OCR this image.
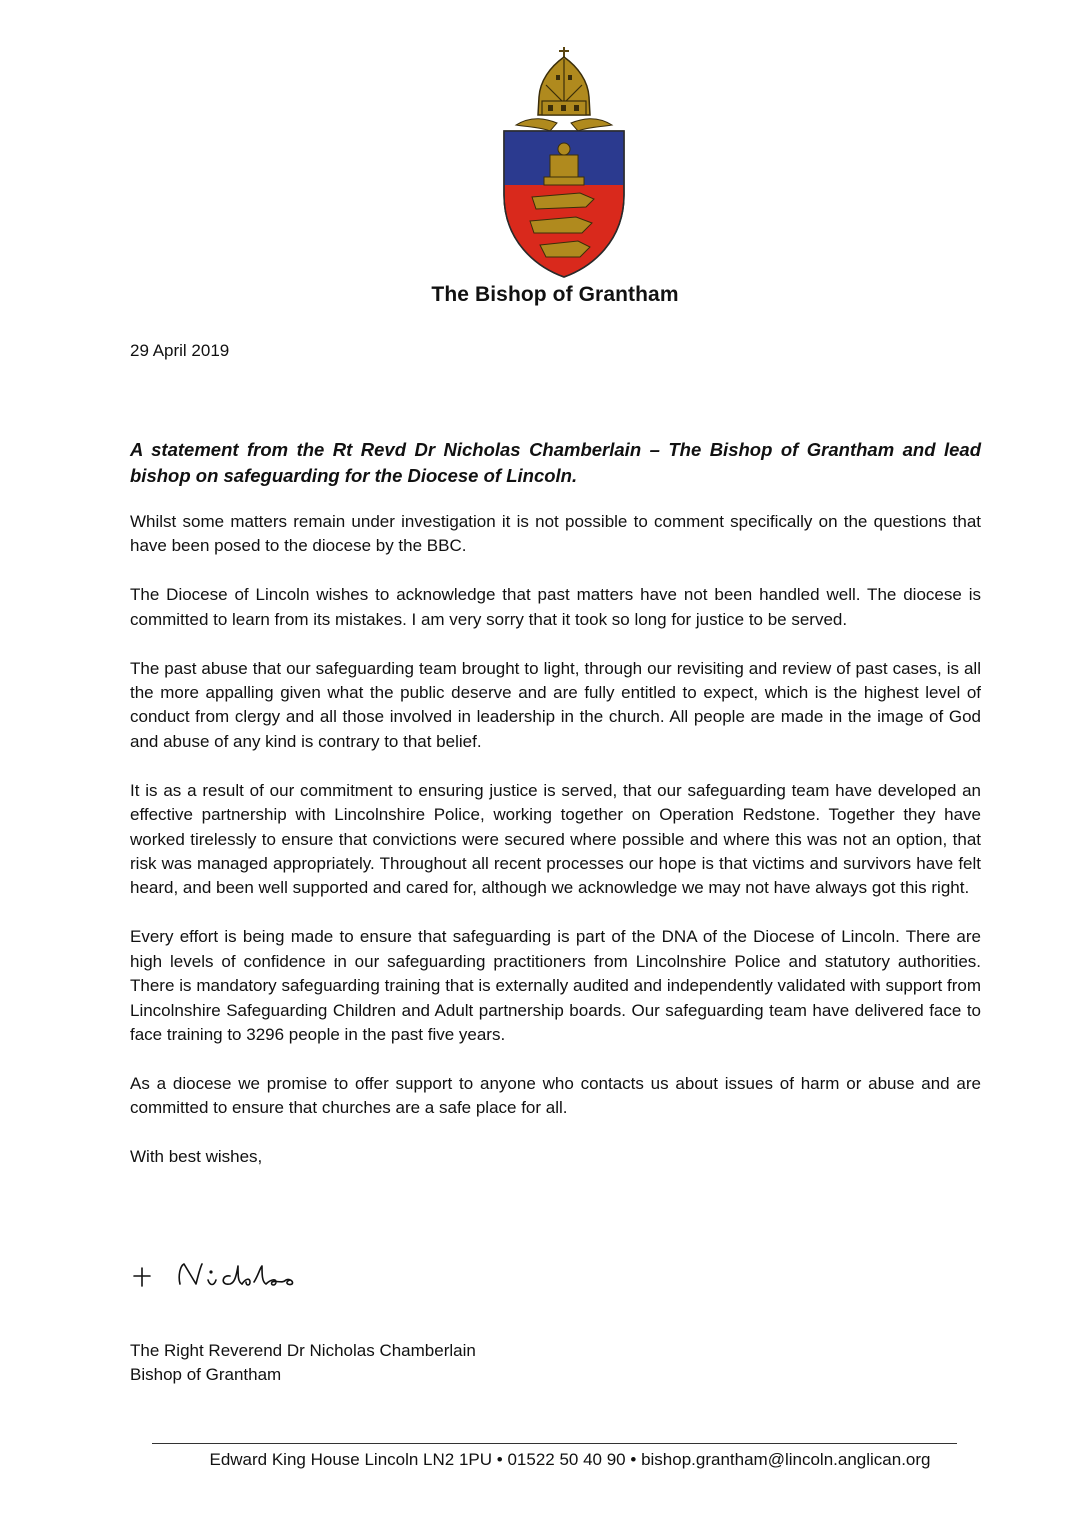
The Bishop of Grantham
29 April 2019

A statement from the Rt Revd Dr Nicholas Chamberlain – The Bishop of Grantham and lead bishop on safeguarding for the Diocese of Lincoln.

Whilst some matters remain under investigation it is not possible to comment specifically on the questions that have been posed to the diocese by the BBC.

The Diocese of Lincoln wishes to acknowledge that past matters have not been handled well. The diocese is committed to learn from its mistakes. I am very sorry that it took so long for justice to be served.

The past abuse that our safeguarding team brought to light, through our revisiting and review of past cases, is all the more appalling given what the public deserve and are fully entitled to expect, which is the highest level of conduct from clergy and all those involved in leadership in the church. All people are made in the image of God and abuse of any kind is contrary to that belief.

It is as a result of our commitment to ensuring justice is served, that our safeguarding team have developed an effective partnership with Lincolnshire Police, working together on Operation Redstone. Together they have worked tirelessly to ensure that convictions were secured where possible and where this was not an option, that risk was managed appropriately. Throughout all recent processes our hope is that victims and survivors have felt heard, and been well supported and cared for, although we acknowledge we may not have always got this right.

Every effort is being made to ensure that safeguarding is part of the DNA of the Diocese of Lincoln. There are high levels of confidence in our safeguarding practitioners from Lincolnshire Police and statutory authorities. There is mandatory safeguarding training that is externally audited and independently validated with support from Lincolnshire Safeguarding Children and Adult partnership boards. Our safeguarding team have delivered face to face training to 3296 people in the past five years.

As a diocese we promise to offer support to anyone who contacts us about issues of harm or abuse and are committed to ensure that churches are a safe place for all.

With best wishes,

The Right Reverend Dr Nicholas Chamberlain
Bishop of Grantham
Edward King House Lincoln LN2 1PU • 01522 50 40 90 • bishop.grantham@lincoln.anglican.org
